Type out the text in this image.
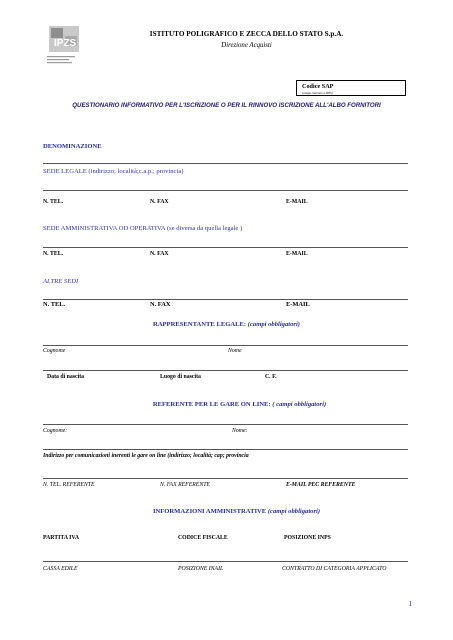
IPZS
ISTITUTO POLIGRAFICO E ZECCA DELLO STATO S.p.A.
Direzione Acquisti
Codice SAP
(campo riservato a IPZS)
QUESTIONARIO INFORMATIVO PER L'ISCRIZIONE O PER IL RINNOVO ISCRIZIONE ALL'ALBO FORNITORI
DENOMINAZIONE
SEDE LEGALE (indirizzo; località;c.a.p.; provincia)
N. TEL.	N. FAX	E-MAIL
SEDE AMMINISTRATIVA OD OPERATIVA (se diversa da quella legale )
N. TEL.	N. FAX	E-MAIL
ALTRE SEDI
N. TEL.	N. FAX	E-MAIL
RAPPRESENTANTE LEGALE: (campi obbligatori)
Cognome	Nome
Data di nascita	Luogo di nascita	C. F.
REFERENTE PER LE GARE ON LINE: ( campi obbligatori)
Cognome:	Nome:
Indirizzo per comunicazioni inerenti le gare on line (indirizzo; località; cap; provincia
N. TEL. REFERENTE	N. FAX REFERENTE	E-MAIL PEC REFERENTE
INFORMAZIONI AMMINISTRATIVE (campi obbligatori)
PARTITA IVA	CODICE FISCALE	POSIZIONE INPS
CASSA EDILE	POSIZIONE INAIL	CONTRATTO DI CATEGORIA APPLICATO
1
